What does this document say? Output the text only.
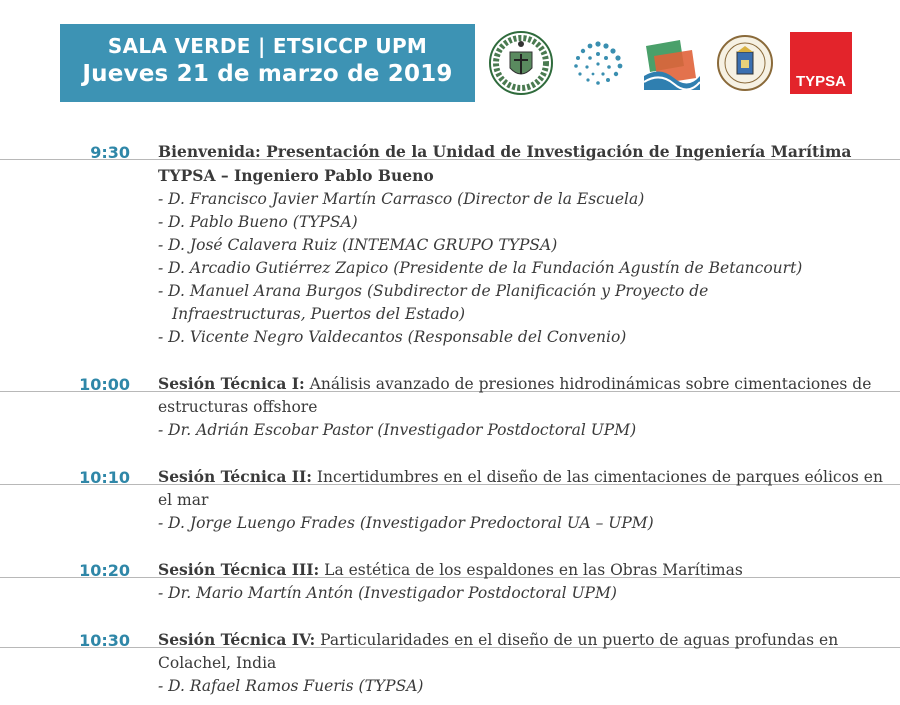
SALA VERDE | ETSICCP UPM
Jueves 21 de marzo de 2019	TYPSA
9:30 Bienvenida: Presentación de la Unidad de Investigación de Ingeniería Marítima TYPSA – Ingeniero Pablo Bueno
- D. Francisco Javier Martín Carrasco (Director de la Escuela)
- D. Pablo Bueno (TYPSA)
- D. José Calavera Ruiz (INTEMAC GRUPO TYPSA)
- D. Arcadio Gutiérrez Zapico (Presidente de la Fundación Agustín de Betancourt)
- D. Manuel Arana Burgos (Subdirector de Planificación y Proyecto de
Infraestructuras, Puertos del Estado)
- D. Vicente Negro Valdecantos (Responsable del Convenio)
10:00 Sesión Técnica I: Análisis avanzado de presiones hidrodinámicas sobre cimentaciones de estructuras offshore
- Dr. Adrián Escobar Pastor (Investigador Postdoctoral UPM)
10:10 Sesión Técnica II: Incertidumbres en el diseño de las cimentaciones de parques eólicos en el mar
- D. Jorge Luengo Frades (Investigador Predoctoral UA – UPM)
10:20 Sesión Técnica III: La estética de los espaldones en las Obras Marítimas
- Dr. Mario Martín Antón (Investigador Postdoctoral UPM)
10:30 Sesión Técnica IV: Particularidades en el diseño de un puerto de aguas profundas en Colachel, India
- D. Rafael Ramos Fueris (TYPSA)
